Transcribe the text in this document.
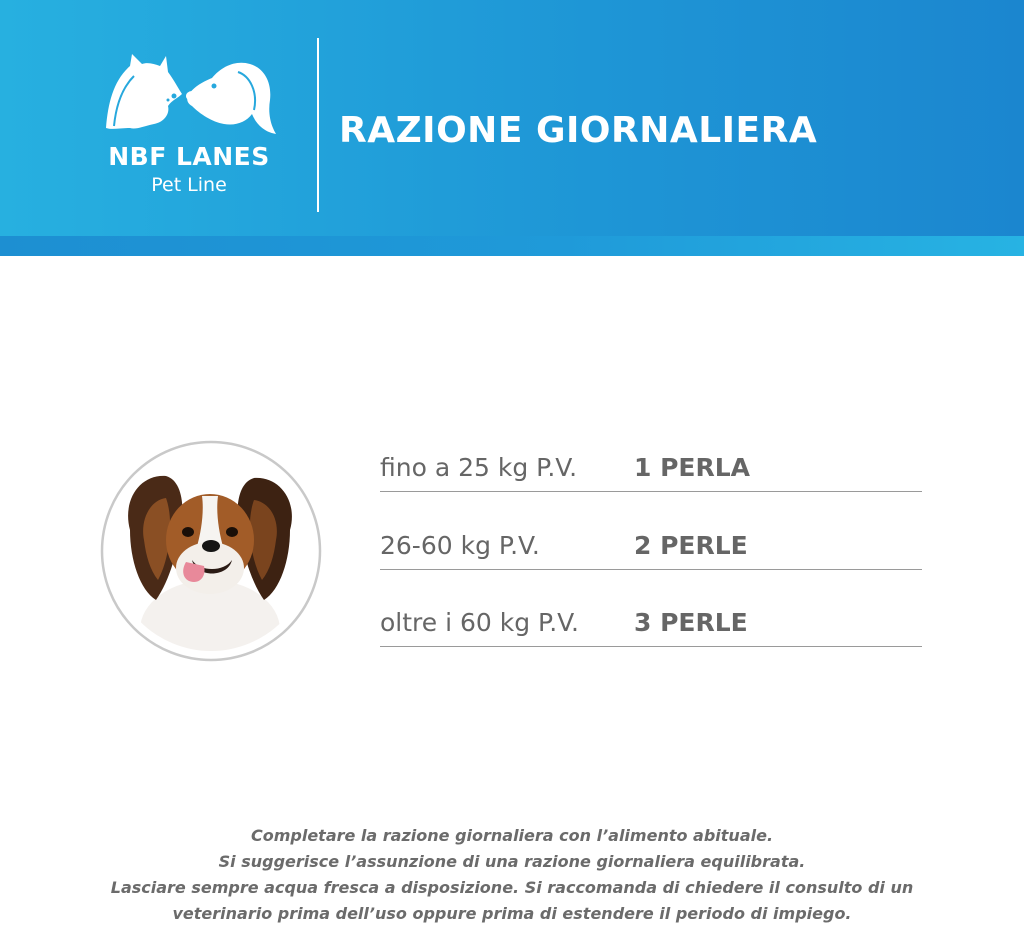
NBF LANES
Pet Line
RAZIONE GIORNALIERA
fino a 25 kg P.V. 1 PERLA
26-60 kg P.V.	2 PERLE
oltre i 60 kg P.V. 3 PERLE
Completare la razione giornaliera con l’alimento abituale.
Si suggerisce l’assunzione di una razione giornaliera equilibrata.
Lasciare sempre acqua fresca a disposizione. Si raccomanda di chiedere il consulto di un
veterinario prima dell’uso oppure prima di estendere il periodo di impiego.
